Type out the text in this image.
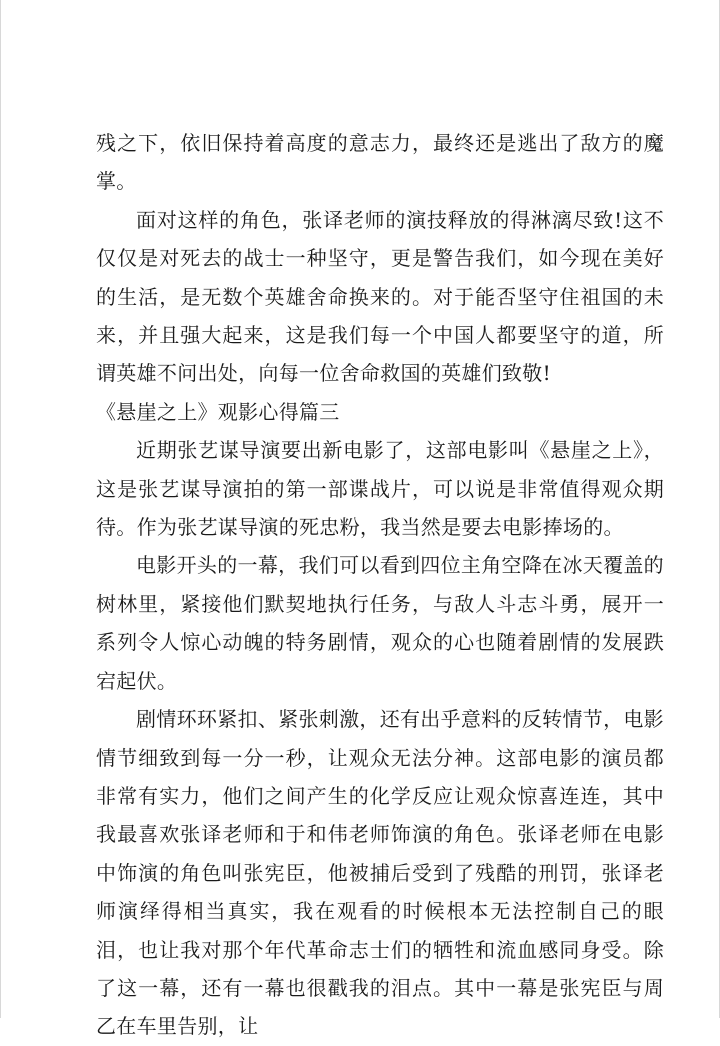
残之下，依旧保持着高度的意志力，最终还是逃出了敌方的魔掌。

面对这样的角色，张译老师的演技释放的得淋漓尽致!这不仅仅是对死去的战士一种坚守，更是警告我们，如今现在美好的生活，是无数个英雄舍命换来的。对于能否坚守住祖国的未来，并且强大起来，这是我们每一个中国人都要坚守的道，所谓英雄不问出处，向每一位舍命救国的英雄们致敬!

《悬崖之上》观影心得篇三

近期张艺谋导演要出新电影了，这部电影叫《悬崖之上》，这是张艺谋导演拍的第一部谍战片，可以说是非常值得观众期待。作为张艺谋导演的死忠粉，我当然是要去电影捧场的。

电影开头的一幕，我们可以看到四位主角空降在冰天覆盖的树林里，紧接他们默契地执行任务，与敌人斗志斗勇，展开一系列令人惊心动魄的特务剧情，观众的心也随着剧情的发展跌宕起伏。

剧情环环紧扣、紧张刺激，还有出乎意料的反转情节，电影情节细致到每一分一秒，让观众无法分神。这部电影的演员都非常有实力，他们之间产生的化学反应让观众惊喜连连，其中我最喜欢张译老师和于和伟老师饰演的角色。张译老师在电影中饰演的角色叫张宪臣，他被捕后受到了残酷的刑罚，张译老师演绎得相当真实，我在观看的时候根本无法控制自己的眼泪，也让我对那个年代革命志士们的牺牲和流血感同身受。除了这一幕，还有一幕也很戳我的泪点。其中一幕是张宪臣与周乙在车里告别，让
